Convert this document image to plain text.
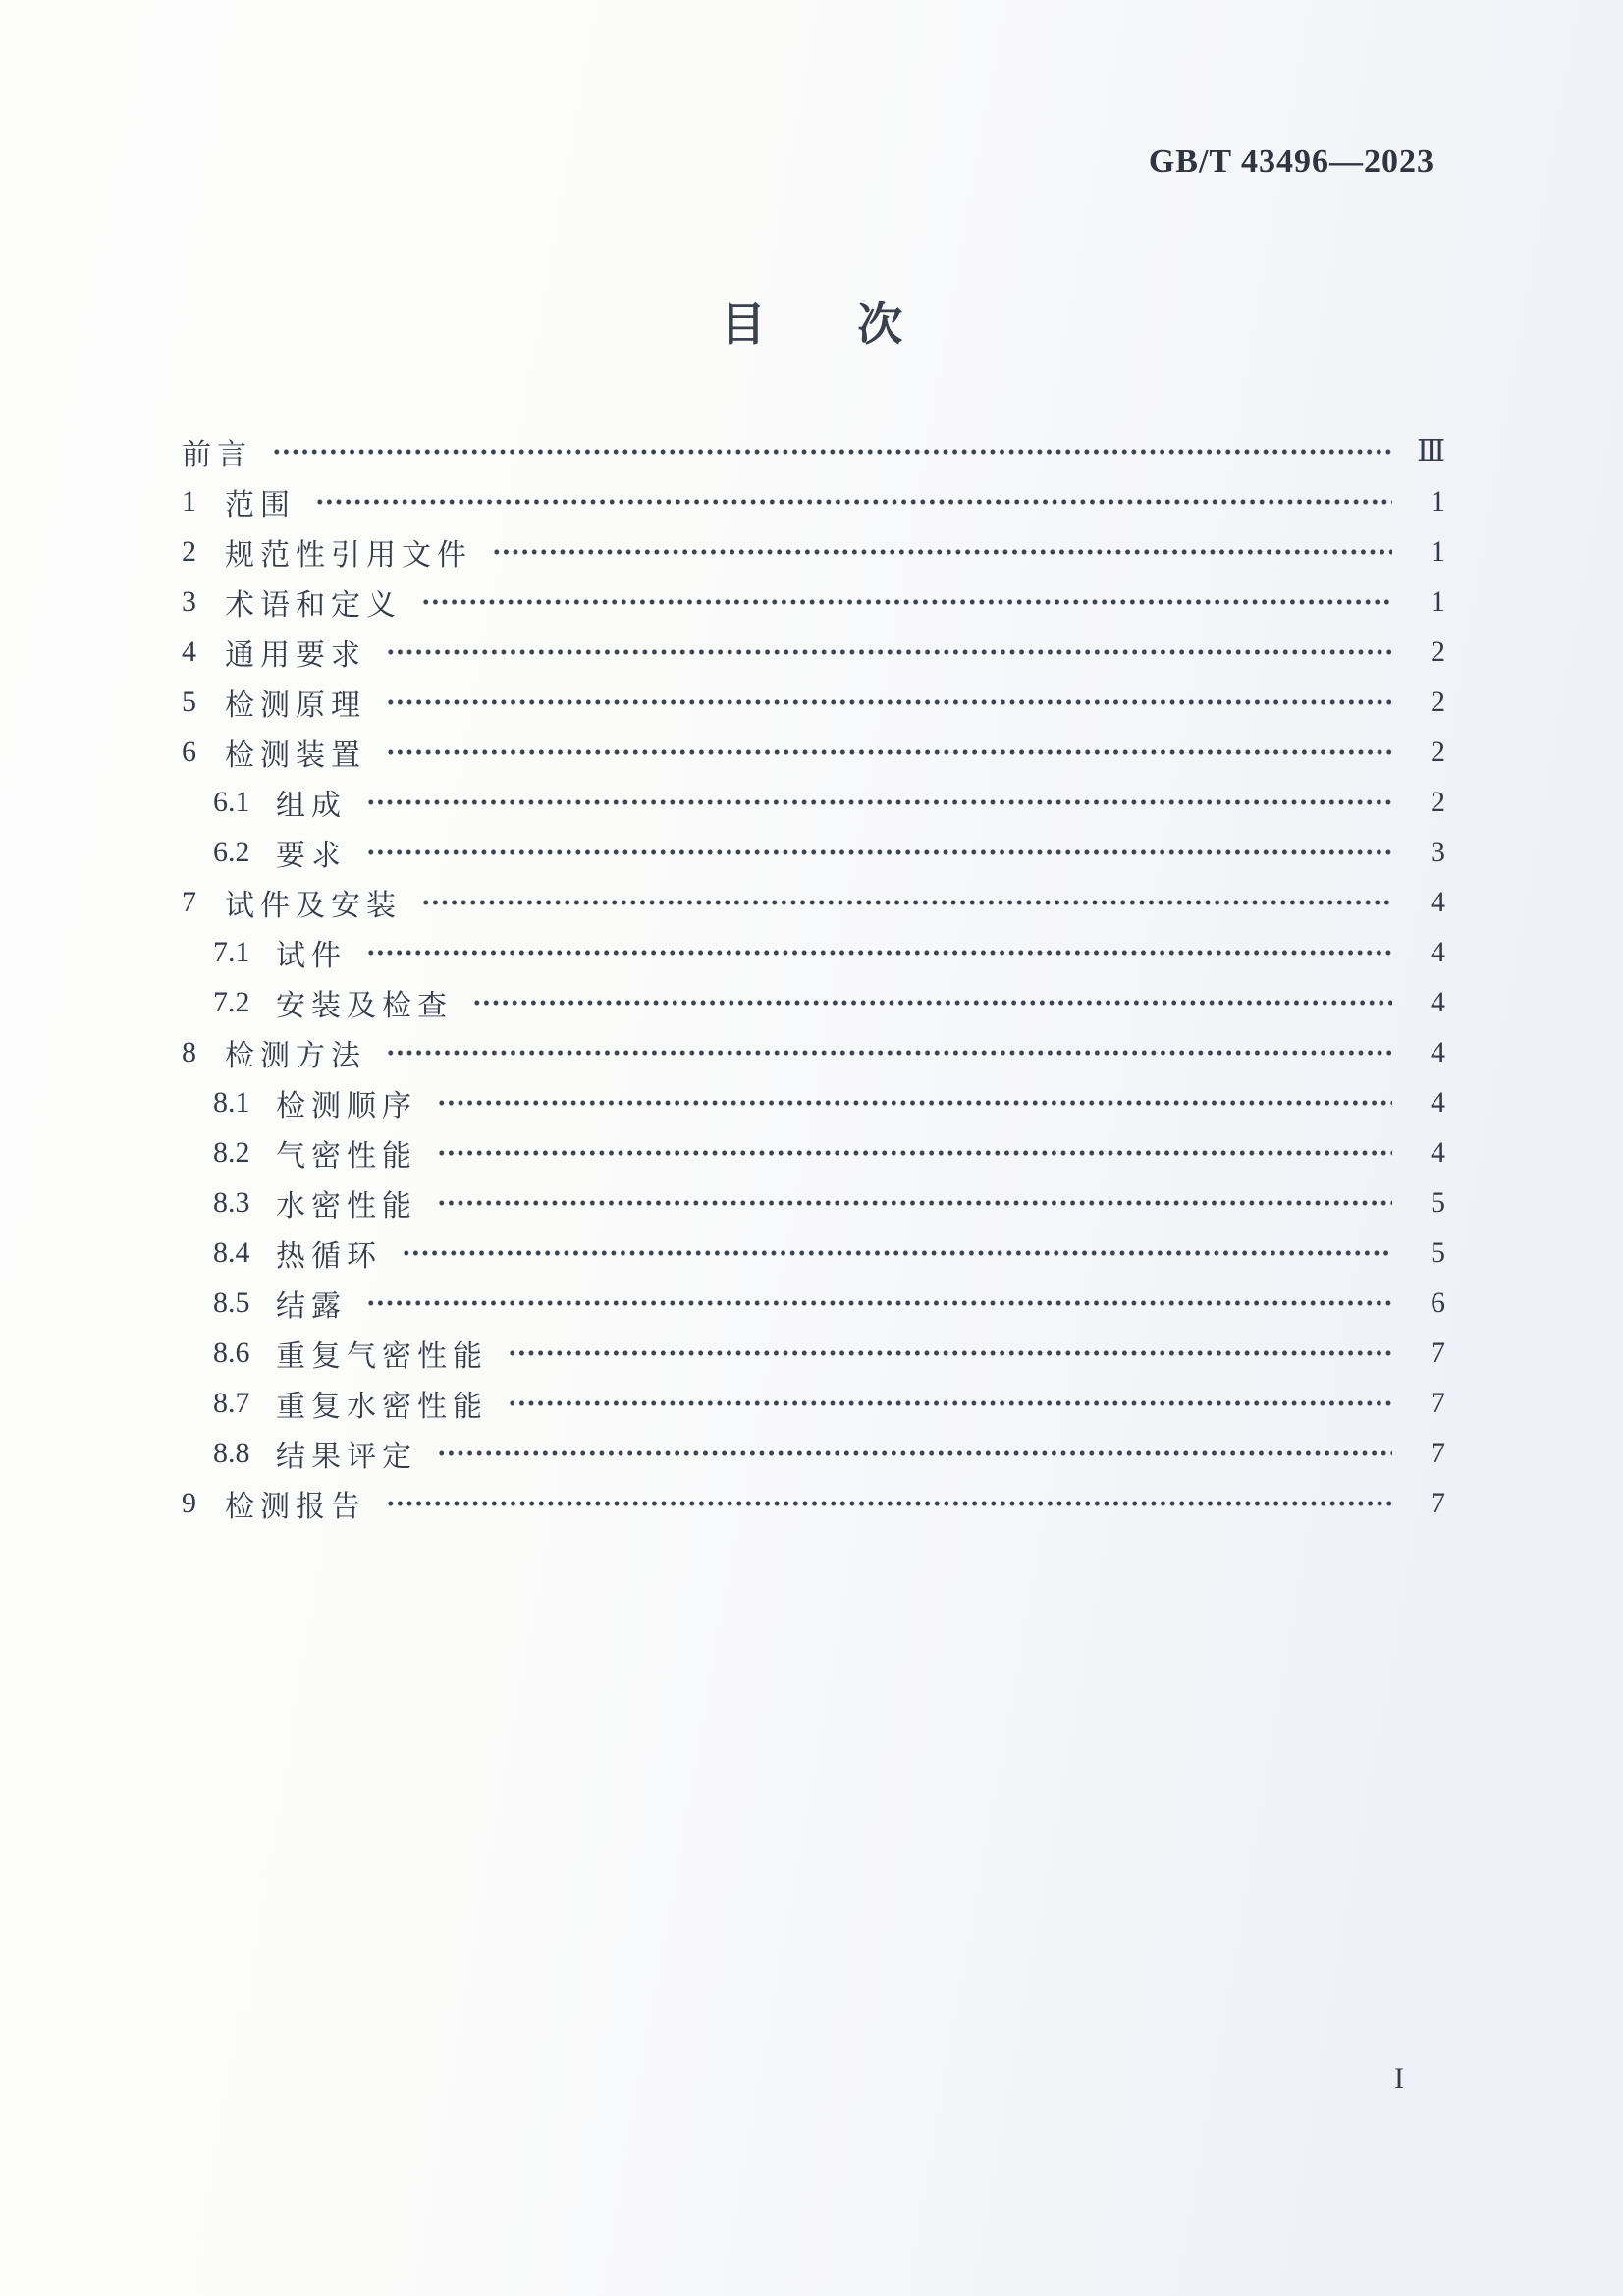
GB/T 43496—2023
目 次
前言	Ⅲ
1 范围	1
2 规范性引用文件	1
3 术语和定义	1
4 通用要求	2
5 检测原理	2
6 检测装置	2
6.1 组成	2
6.2 要求	3
7 试件及安装	4
7.1 试件	4
7.2 安装及检查	4
8 检测方法	4
8.1 检测顺序	4
8.2 气密性能	4
8.3 水密性能	5
8.4 热循环	5
8.5 结露	6
8.6 重复气密性能	7
8.7 重复水密性能	7
8.8 结果评定	7
9 检测报告	7
I
